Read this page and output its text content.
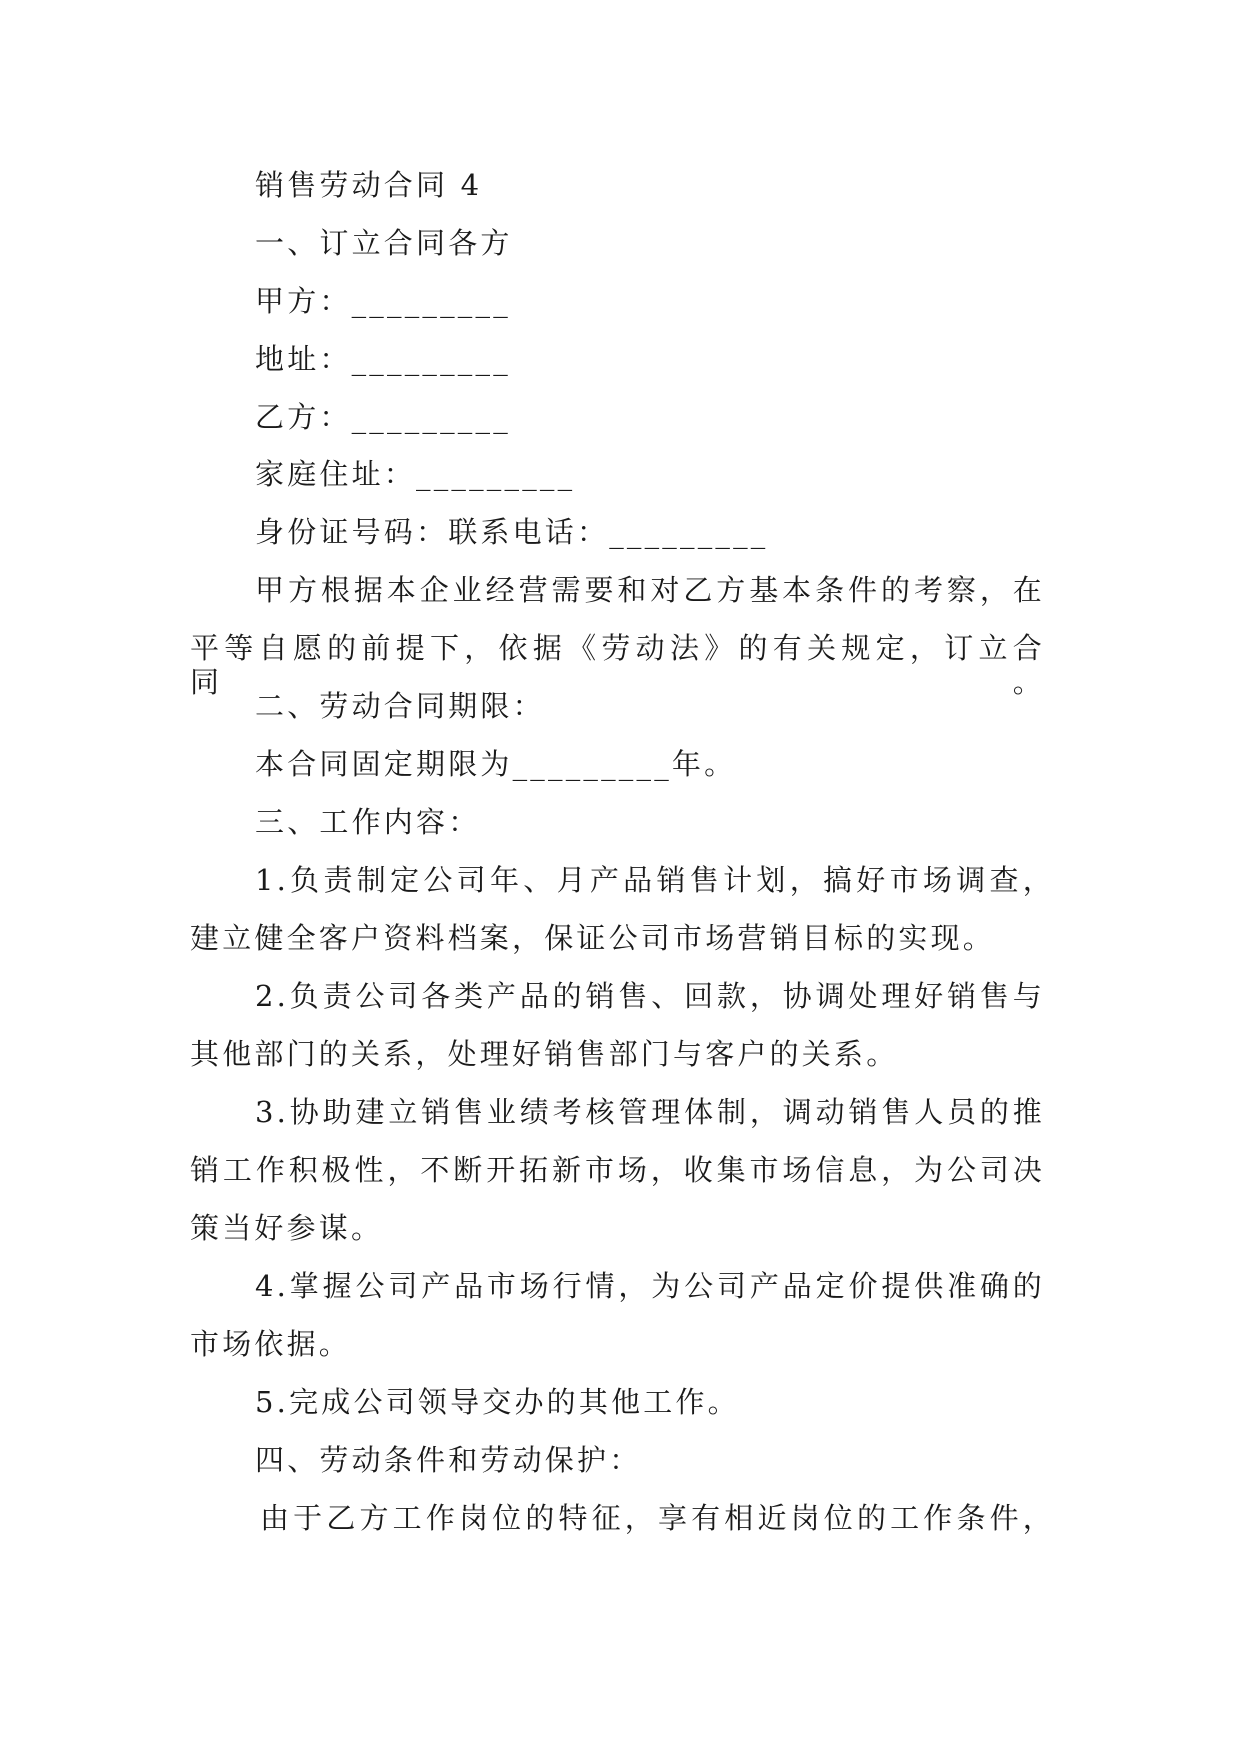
销售劳动合同 4
一、订立合同各方
甲方：_________
地址：_________
乙方：_________
家庭住址：_________
身份证号码：联系电话：_________
甲方根据本企业经营需要和对乙方基本条件的考察，在
平等自愿的前提下，依据《劳动法》的有关规定，订立合同。
二、劳动合同期限：
本合同固定期限为_________年。
三、工作内容：
1.负责制定公司年、月产品销售计划，搞好市场调查，
建立健全客户资料档案，保证公司市场营销目标的实现。
2.负责公司各类产品的销售、回款，协调处理好销售与
其他部门的关系，处理好销售部门与客户的关系。
3.协助建立销售业绩考核管理体制，调动销售人员的推
销工作积极性，不断开拓新市场，收集市场信息，为公司决
策当好参谋。
4.掌握公司产品市场行情，为公司产品定价提供准确的
市场依据。
5.完成公司领导交办的其他工作。
四、劳动条件和劳动保护：
由于乙方工作岗位的特征，享有相近岗位的工作条件，
